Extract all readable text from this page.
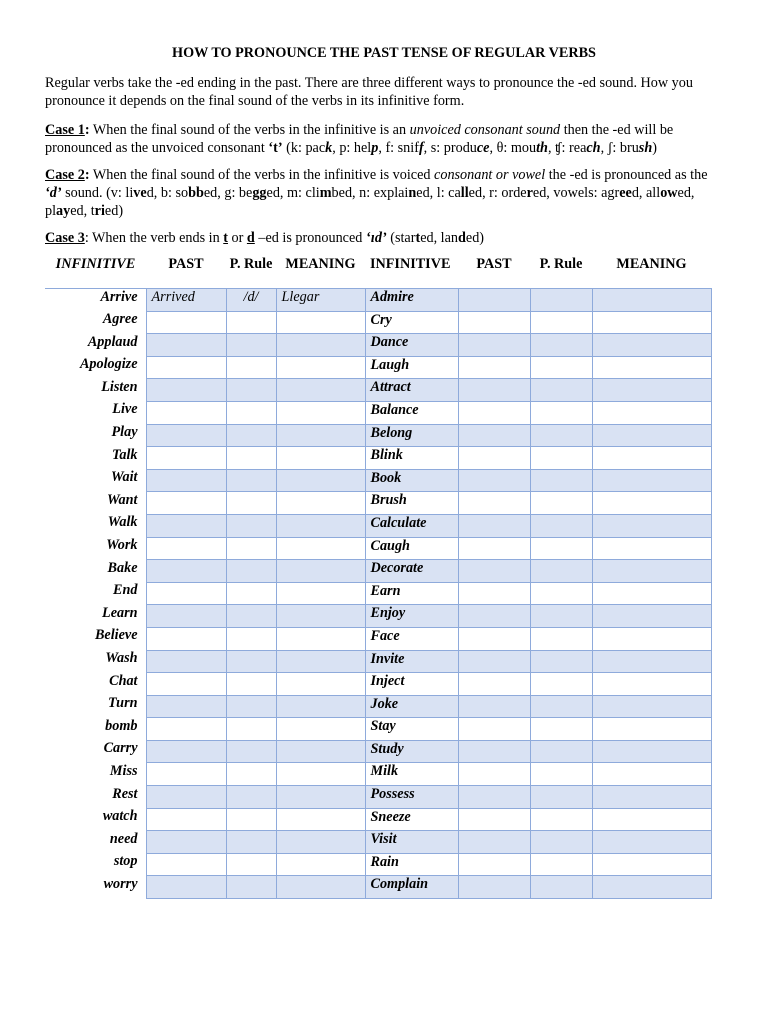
HOW TO PRONOUNCE THE PAST TENSE OF REGULAR VERBS
Regular verbs take the -ed ending in the past. There are three different ways to pronounce the -ed sound. How you pronounce it depends on the final sound of the verbs in its infinitive form.
Case 1: When the final sound of the verbs in the infinitive is an unvoiced consonant sound then the -ed will be pronounced as the unvoiced consonant ‘t’ (k: pack, p: help, f: sniff, s: produce, θ: mouth, ʧ: reach, ʃ: brush)
Case 2: When the final sound of the verbs in the infinitive is voiced consonant or vowel the -ed is pronounced as the ‘d’ sound. (v: lived, b: sobbed, g: begged, m: climbed, n: explained, l: called, r: ordered, vowels: agreed, allowed, played, tried)
Case 3: When the verb ends in t or d –ed is pronounced ‘ɪd’ (started, landed)
INFINITIVE	PAST	P. Rule	MEANING	INFINITIVE	PAST	P. Rule	MEANING
Arrive	Arrived	/d/	Llegar	Admire			
Agree				Cry			
Applaud				Dance			
Apologize				Laugh			
Listen				Attract			
Live				Balance			
Play				Belong			
Talk				Blink			
Wait				Book			
Want				Brush			
Walk				Calculate			
Work				Caugh			
Bake				Decorate			
End				Earn			
Learn				Enjoy			
Believe				Face			
Wash				Invite			
Chat				Inject			
Turn				Joke			
bomb				Stay			
Carry				Study			
Miss				Milk			
Rest				Possess			
watch				Sneeze			
need				Visit			
stop				Rain			
worry				Complain			
